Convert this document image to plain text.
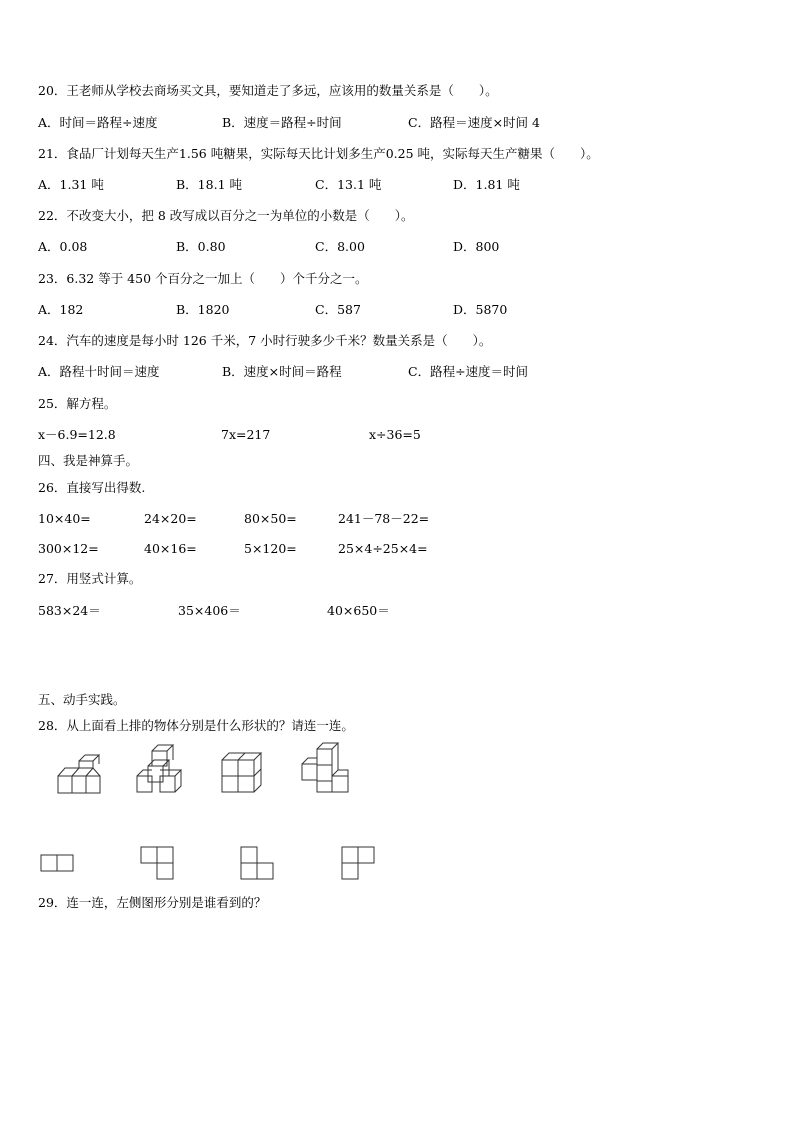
20．王老师从学校去商场买文具，要知道走了多远，应该用的数量关系是（　　）。
A．时间＝路程÷速度	B．速度＝路程÷时间	C．路程＝速度×时间 4
21．食品厂计划每天生产1.56 吨糖果，实际每天比计划多生产0.25 吨，实际每天生产糖果（　　）。
A．1.31 吨	B．18.1 吨	C．13.1 吨	D．1.81 吨
22．不改变大小，把 8 改写成以百分之一为单位的小数是（　　）。
A．0.08	B．0.80	C．8.00	D．800
23．6.32 等于 450 个百分之一加上（　　）个千分之一。
A．182	B．1820	C．587	D．5870
24．汽车的速度是每小时 126 千米，7 小时行驶多少千米？数量关系是（　　）。
A．路程十时间＝速度	B．速度×时间＝路程	C．路程÷速度＝时间
25．解方程。
x－6.9=12.8	7x=217	x÷36=5
四、我是神算手。
26．直接写出得数.
10×40=	24×20=	80×50=	241－78－22=
300×12=	40×16=	5×120=	25×4÷25×4=
27．用竖式计算。
583×24＝	35×406＝	40×650＝
五、动手实践。
28．从上面看上排的物体分别是什么形状的？请连一连。
29．连一连，左侧图形分别是谁看到的？
